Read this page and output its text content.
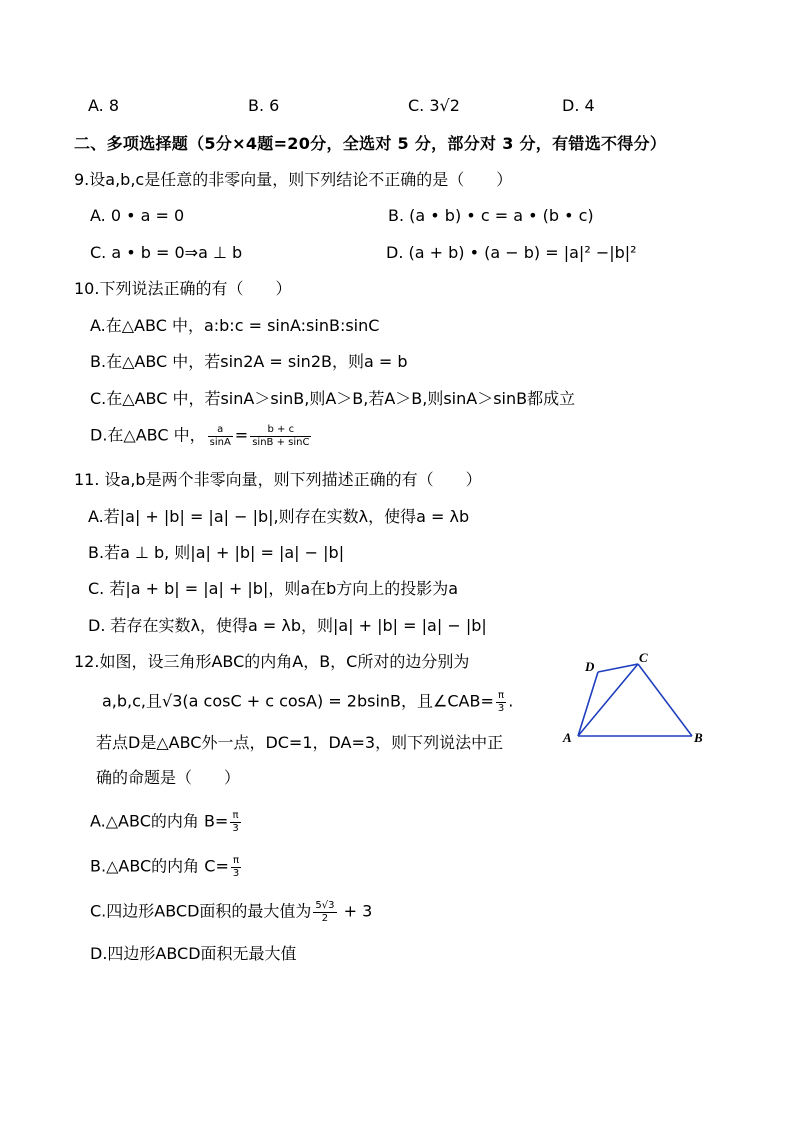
A. 8	B. 6	C. 3√2	D. 4
二、多项选择题（5分×4题=20分，全选对 5 分，部分对 3 分，有错选不得分）
9.设a,b,c是任意的非零向量，则下列结论不正确的是（　　）
A. 0 • a = 0	B. (a • b) • c = a • (b • c)
C. a • b = 0⇒a ⊥ b	D. (a + b) • (a − b) = |a|² −|b|²
10.下列说法正确的有（　　）
A.在△ABC 中，a:b:c = sinA:sinB:sinC
B.在△ABC 中，若sin2A = sin2B，则a = b
C.在△ABC 中，若sinA＞sinB,则A＞B,若A＞B,则sinA＞sinB都成立
D.在△ABC 中， $\frac{a}{\sin A} = \frac{b + c}{\sin B + \sin C}$
11. 设a,b是两个非零向量，则下列描述正确的有（　　）
A.若|a| + |b| = |a| − |b|,则存在实数λ，使得a = λb
B.若a ⊥ b, 则|a| + |b| = |a| − |b|
C. 若|a + b| = |a| + |b|，则a在b方向上的投影为a
D. 若存在实数λ，使得a = λb，则|a| + |b| = |a| − |b|
12.如图，设三角形ABC的内角A，B，C所对的边分别为
a,b,c,且√3(a cosC + c cosA) = 2bsinB，且∠CAB= $\frac{\pi}{3}$ .
若点D是△ABC外一点，DC=1，DA=3，则下列说法中正
确的命题是（　　）
A.△ABC的内角 $B= \frac{\pi}{3}$
B.△ABC的内角 $C= \frac{\pi}{3}$
C.四边形ABCD面积的最大值为 $\frac{5√3}{2} + 3$
D.四边形ABCD面积无最大值
A	B
C
D
